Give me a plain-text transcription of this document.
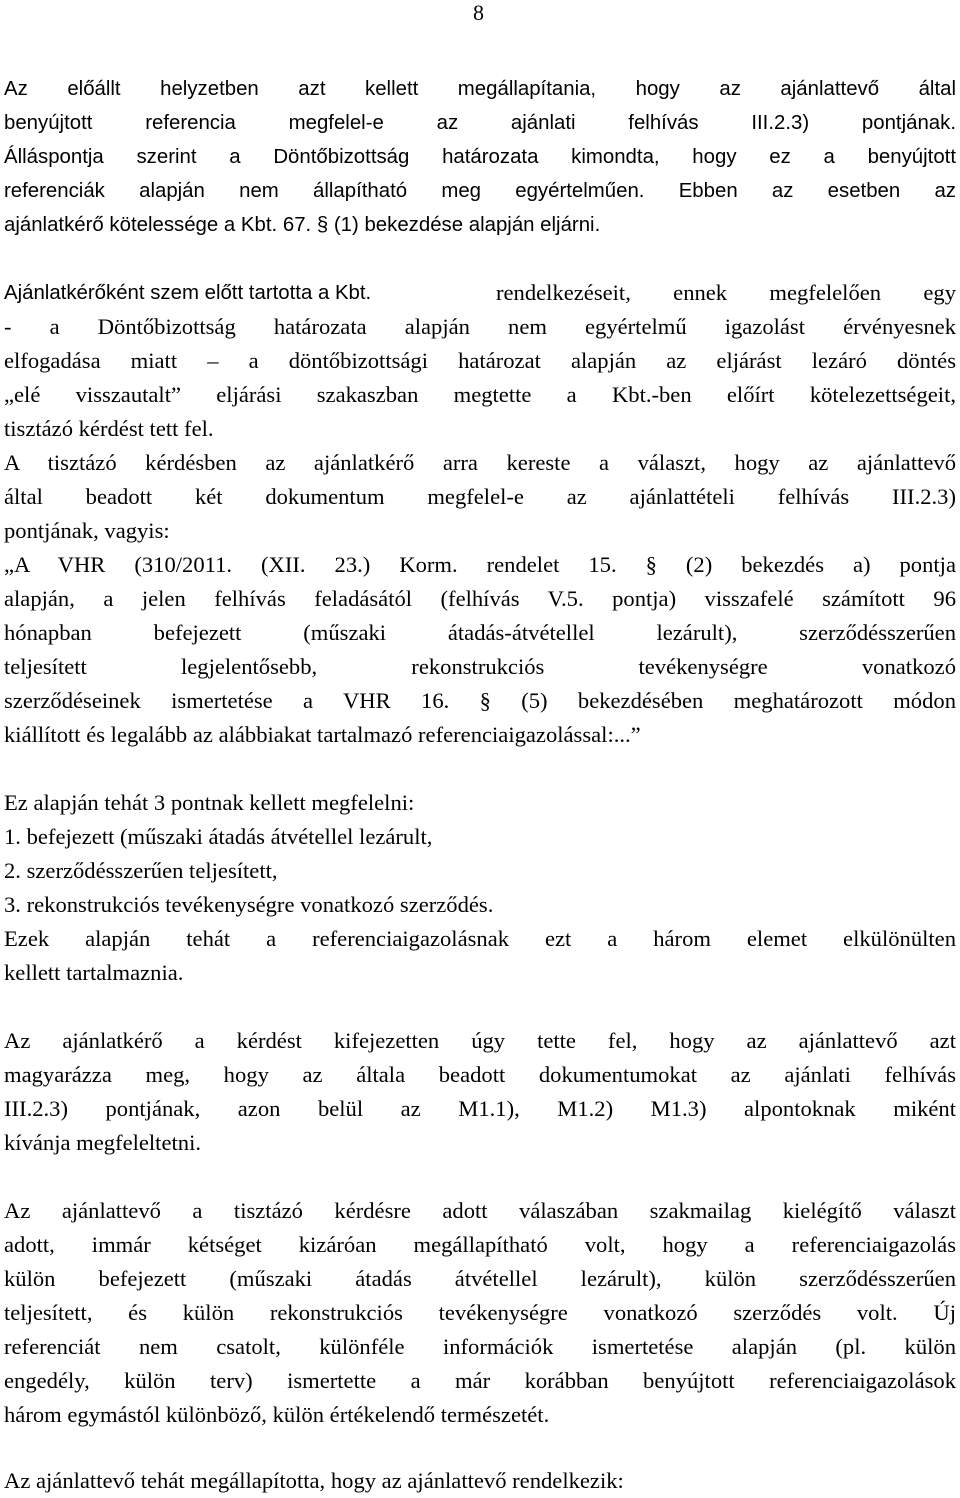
8
Az előállt helyzetben azt kellett megállapítania, hogy az ajánlattevő által
benyújtott referencia megfelel-e az ajánlati felhívás III.2.3) pontjának.
Álláspontja szerint a Döntőbizottság határozata kimondta, hogy ez a benyújtott
referenciák alapján nem állapítható meg egyértelműen. Ebben az esetben az
ajánlatkérő kötelessége a Kbt. 67. § (1) bekezdése alapján eljárni.
Ajánlatkérőként szem előtt tartotta a Kbt.	rendelkezéseit, ennek megfelelően egy
- a Döntőbizottság határozata alapján nem egyértelmű igazolást érvényesnek
elfogadása miatt – a döntőbizottsági határozat alapján az eljárást lezáró döntés
„elé visszautalt” eljárási szakaszban megtette a Kbt.-ben előírt kötelezettségeit,
tisztázó kérdést tett fel.
A tisztázó kérdésben az ajánlatkérő arra kereste a választ, hogy az ajánlattevő
által beadott két dokumentum megfelel-e az ajánlattételi felhívás III.2.3)
pontjának, vagyis:
„A VHR (310/2011. (XII. 23.) Korm. rendelet 15. § (2) bekezdés a) pontja
alapján, a jelen felhívás feladásától (felhívás V.5. pontja) visszafelé számított 96
hónapban befejezett (műszaki átadás-átvétellel lezárult), szerződésszerűen
teljesített legjelentősebb, rekonstrukciós tevékenységre vonatkozó
szerződéseinek ismertetése a VHR 16. § (5) bekezdésében meghatározott módon
kiállított és legalább az alábbiakat tartalmazó referenciaigazolással:...”
Ez alapján tehát 3 pontnak kellett megfelelni:
1. befejezett (műszaki átadás átvétellel lezárult,
2. szerződésszerűen teljesített,
3. rekonstrukciós tevékenységre vonatkozó szerződés.
Ezek alapján tehát a referenciaigazolásnak ezt a három elemet elkülönülten
kellett tartalmaznia.
Az ajánlatkérő a kérdést kifejezetten úgy tette fel, hogy az ajánlattevő azt
magyarázza meg, hogy az általa beadott dokumentumokat az ajánlati felhívás
III.2.3) pontjának, azon belül az M1.1), M1.2) M1.3) alpontoknak miként
kívánja megfeleltetni.
Az ajánlattevő a tisztázó kérdésre adott válaszában szakmailag kielégítő választ
adott, immár kétséget kizáróan megállapítható volt, hogy a referenciaigazolás
külön befejezett (műszaki átadás átvétellel lezárult), külön szerződésszerűen
teljesített, és külön rekonstrukciós tevékenységre vonatkozó szerződés volt. Új
referenciát nem csatolt, különféle információk ismertetése alapján (pl. külön
engedély, külön terv) ismertette a már korábban benyújtott referenciaigazolások
három egymástól különböző, külön értékelendő természetét.
Az ajánlattevő tehát megállapította, hogy az ajánlattevő rendelkezik:
